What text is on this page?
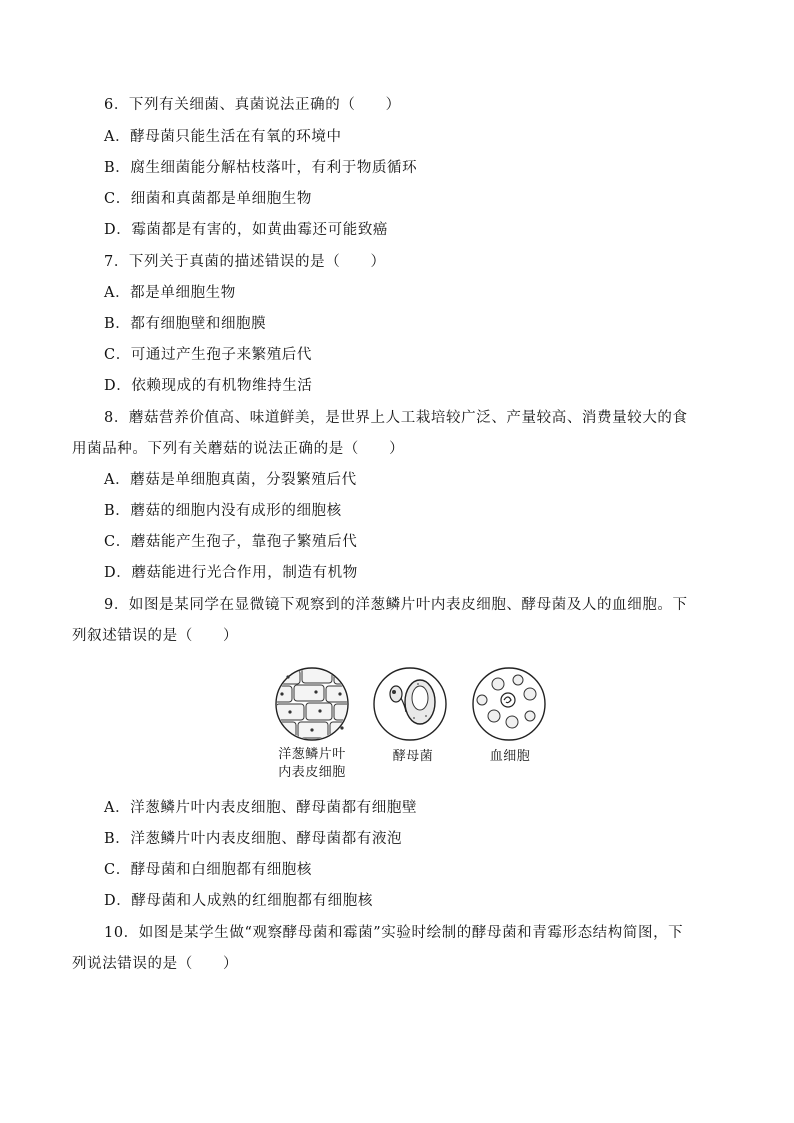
6．下列有关细菌、真菌说法正确的（　　）
A．酵母菌只能生活在有氧的环境中
B．腐生细菌能分解枯枝落叶，有利于物质循环
C．细菌和真菌都是单细胞生物
D．霉菌都是有害的，如黄曲霉还可能致癌
7．下列关于真菌的描述错误的是（　　）
A．都是单细胞生物
B．都有细胞壁和细胞膜
C．可通过产生孢子来繁殖后代
D．依赖现成的有机物维持生活
8．蘑菇营养价值高、味道鲜美，是世界上人工栽培较广泛、产量较高、消费量较大的食
用菌品种。下列有关蘑菇的说法正确的是（　　）
A．蘑菇是单细胞真菌，分裂繁殖后代
B．蘑菇的细胞内没有成形的细胞核
C．蘑菇能产生孢子，靠孢子繁殖后代
D．蘑菇能进行光合作用，制造有机物
9．如图是某同学在显微镜下观察到的洋葱鳞片叶内表皮细胞、酵母菌及人的血细胞。下
列叙述错误的是（　　）
洋葱鳞片叶
内表皮细胞
酵母菌	血细胞
A．洋葱鳞片叶内表皮细胞、酵母菌都有细胞壁
B．洋葱鳞片叶内表皮细胞、酵母菌都有液泡
C．酵母菌和白细胞都有细胞核
D．酵母菌和人成熟的红细胞都有细胞核
10．如图是某学生做“观察酵母菌和霉菌”实验时绘制的酵母菌和青霉形态结构简图，下
列说法错误的是（　　）
